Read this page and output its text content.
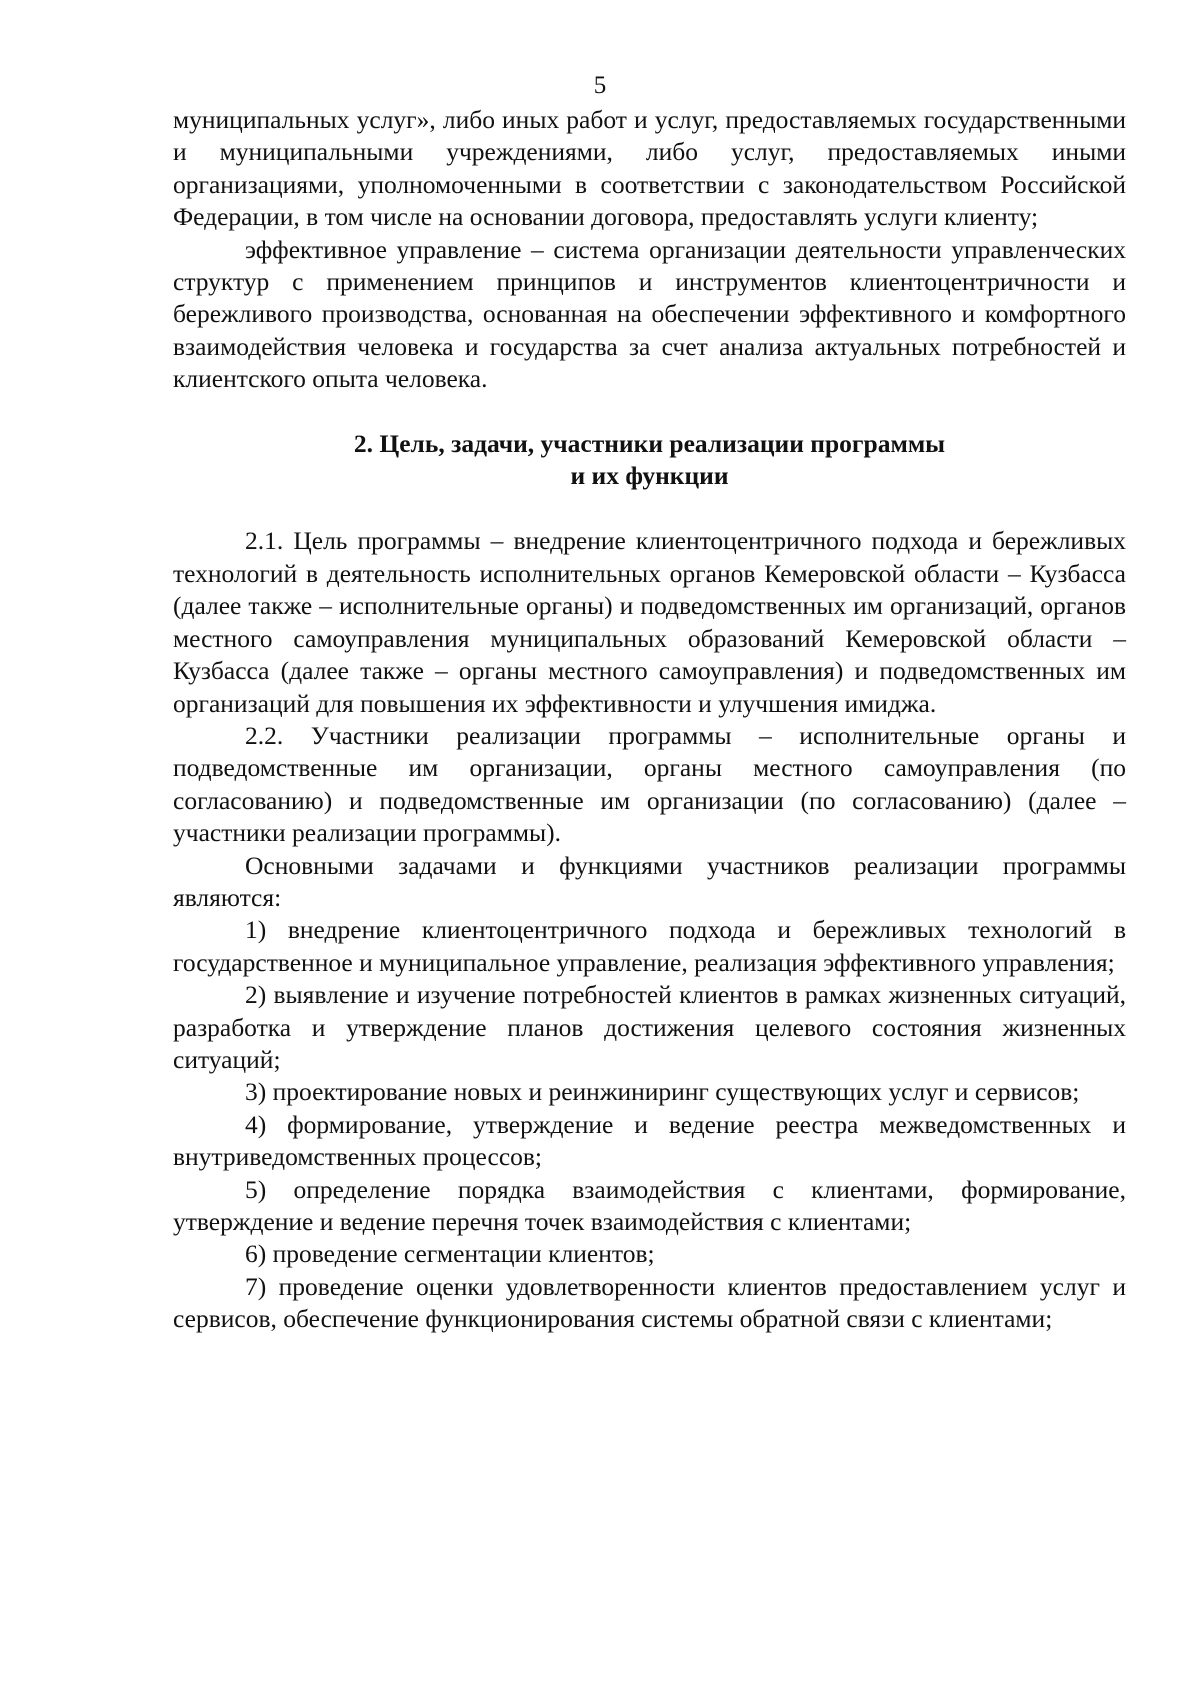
5

муниципальных услуг», либо иных работ и услуг, предоставляемых государственными и муниципальными учреждениями, либо услуг, предоставляемых иными организациями, уполномоченными в соответствии с законодательством Российской Федерации, в том числе на основании договора, предоставлять услуги клиенту;

эффективное управление – система организации деятельности управленческих структур с применением принципов и инструментов клиентоцентричности и бережливого производства, основанная на обеспечении эффективного и комфортного взаимодействия человека и государства за счет анализа актуальных потребностей и клиентского опыта человека.

2. Цель, задачи, участники реализации программы
и их функции

2.1. Цель программы – внедрение клиентоцентричного подхода и бережливых технологий в деятельность исполнительных органов Кемеровской области – Кузбасса (далее также – исполнительные органы) и подведомственных им организаций, органов местного самоуправления муниципальных образований Кемеровской области – Кузбасса (далее также – органы местного самоуправления) и подведомственных им организаций для повышения их эффективности и улучшения имиджа.

2.2. Участники реализации программы – исполнительные органы и подведомственные им организации, органы местного самоуправления (по согласованию) и подведомственные им организации (по согласованию) (далее – участники реализации программы).

Основными задачами и функциями участников реализации программы являются:

1) внедрение клиентоцентричного подхода и бережливых технологий в государственное и муниципальное управление, реализация эффективного управления;

2) выявление и изучение потребностей клиентов в рамках жизненных ситуаций, разработка и утверждение планов достижения целевого состояния жизненных ситуаций;

3) проектирование новых и реинжиниринг существующих услуг и сервисов;

4) формирование, утверждение и ведение реестра межведомственных и внутриведомственных процессов;

5) определение порядка взаимодействия с клиентами, формирование, утверждение и ведение перечня точек взаимодействия с клиентами;

6) проведение сегментации клиентов;

7) проведение оценки удовлетворенности клиентов предоставлением услуг и сервисов, обеспечение функционирования системы обратной связи с клиентами;
